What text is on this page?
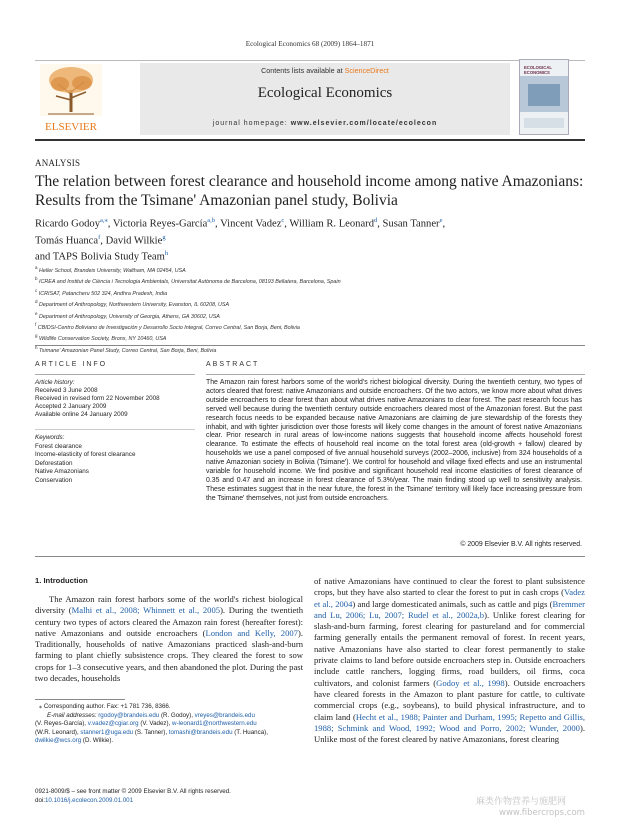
Ecological Economics 68 (2009) 1864–1871
ELSEVIER
Contents lists available at ScienceDirect
Ecological Economics
journal homepage: www.elsevier.com/locate/ecolecon
ECOLOGICAL ECONOMICS
ANALYSIS
The relation between forest clearance and household income among native Amazonians: Results from the Tsimane' Amazonian panel study, Bolivia
Ricardo Godoy$^{a,⁎}$, Victoria Reyes-García$^{a,b}$, Vincent Vadez$^c$, William R. Leonard$^d$, Susan Tanner$^e$,
Tomás Huanca$^f$, David Wilkie$^g$
and TAPS Bolivia Study Team$^h$
$^a$ Heller School, Brandeis University, Waltham, MA 02454, USA
$^b$ ICREA and Institut de Ciència i Tecnologia Ambientals, Universitat Autònoma de Barcelona, 08193 Bellatera, Barcelona, Spain
$^c$ ICRISAT, Patancheru 502 324, Andhra Pradesh, India
$^d$ Department of Anthropology, Northwestern University, Evanston, IL 60208, USA
$^e$ Department of Anthropology, University of Georgia, Athens, GA 30602, USA
$^f$ CBIDSI-Centro Boliviano de Investigación y Desarrollo Socio Integral, Correo Central, San Borja, Beni, Bolivia
$^g$ Wildlife Conservation Society, Bronx, NY 10460, USA
$^h$ Tsimane' Amazonian Panel Study, Correo Central, San Borja, Beni, Bolivia
ARTICLE INFO
Article history:
Received 3 June 2008
Received in revised form 22 November 2008
Accepted 2 January 2009
Available online 24 January 2009
Keywords:
Forest clearance
Income-elasticity of forest clearance
Deforestation
Native Amazonians
Conservation
ABSTRACT
The Amazon rain forest harbors some of the world's richest biological diversity. During the twentieth century, two types of actors cleared that forest: native Amazonians and outside encroachers. Of the two actors, we know more about what drives outside encroachers to clear forest than about what drives native Amazonians to clear forest. The past research focus has served well because during the twentieth century outside encroachers cleared most of the Amazonian forest. But the past research focus needs to be expanded because native Amazonians are claiming de jure stewardship of the forests they inhabit, and with tighter jurisdiction over those forests will likely come changes in the amount of forest native Amazonians clear. Prior research in rural areas of low-income nations suggests that household income affects household forest clearance. To estimate the effects of household real income on the total forest area (old-growth + fallow) cleared by households we use a panel composed of five annual household surveys (2002–2006, inclusive) from 324 households of a native Amazonian society in Bolivia (Tsimane'). We control for household and village fixed effects and use an instrumental variable for household income. We find positive and significant household real income elasticities of forest clearance of 0.35 and 0.47 and an increase in forest clearance of 5.3%/year. The main finding stood up well to sensitivity analysis. These estimates suggest that in the near future, the forest in the Tsimane' territory will likely face increasing pressure from the Tsimane' themselves, not just from outside encroachers.
© 2009 Elsevier B.V. All rights reserved.
1. Introduction
The Amazon rain forest harbors some of the world's richest biological diversity (Malhi et al., 2008; Whinnett et al., 2005). During the twentieth century two types of actors cleared the Amazon rain forest (hereafter forest): native Amazonians and outside encroachers (London and Kelly, 2007). Traditionally, households of native Amazonians practiced slash-and-burn farming to plant chiefly subsistence crops. They cleared the forest to sow crops for 1–3 consecutive years, and then abandoned the plot. During the past two decades, households
of native Amazonians have continued to clear the forest to plant subsistence crops, but they have also started to clear the forest to put in cash crops (Vadez et al., 2004) and large domesticated animals, such as cattle and pigs (Bremmer and Lu, 2006; Lu, 2007; Rudel et al., 2002a,b). Unlike forest clearing for slash-and-burn farming, forest clearing for pastureland and for commercial farming generally entails the permanent removal of forest. In recent years, native Amazonians have also started to clear forest permanently to stake private claims to land before outside encroachers step in. Outside encroachers include cattle ranchers, logging firms, road builders, oil firms, coca cultivators, and colonist farmers (Godoy et al., 1998). Outside encroachers have cleared forests in the Amazon to plant pasture for cattle, to cultivate commercial crops (e.g., soybeans), to build physical infrastructure, and to claim land (Hecht et al., 1988; Painter and Durham, 1995; Repetto and Gillis, 1988; Schmink and Wood, 1992; Wood and Porro, 2002; Wunder, 2000). Unlike most of the forest cleared by native Amazonians, forest clearing
⁎ Corresponding author. Fax: +1 781 736, 8366.
E-mail addresses: rgodoy@brandeis.edu (R. Godoy), vreyes@brandeis.edu
(V. Reyes-García), v.vadez@cgiar.org (V. Vadez), w-leonard1@northwestern.edu
(W.R. Leonard), stanner1@uga.edu (S. Tanner), tomashi@brandeis.edu (T. Huanca),
dwilkie@wcs.org (D. Wilkie).
0921-8009/$ – see front matter © 2009 Elsevier B.V. All rights reserved.
doi:10.1016/j.ecolecon.2009.01.001	麻类作物营养与施肥网
www.fibercrops.com
